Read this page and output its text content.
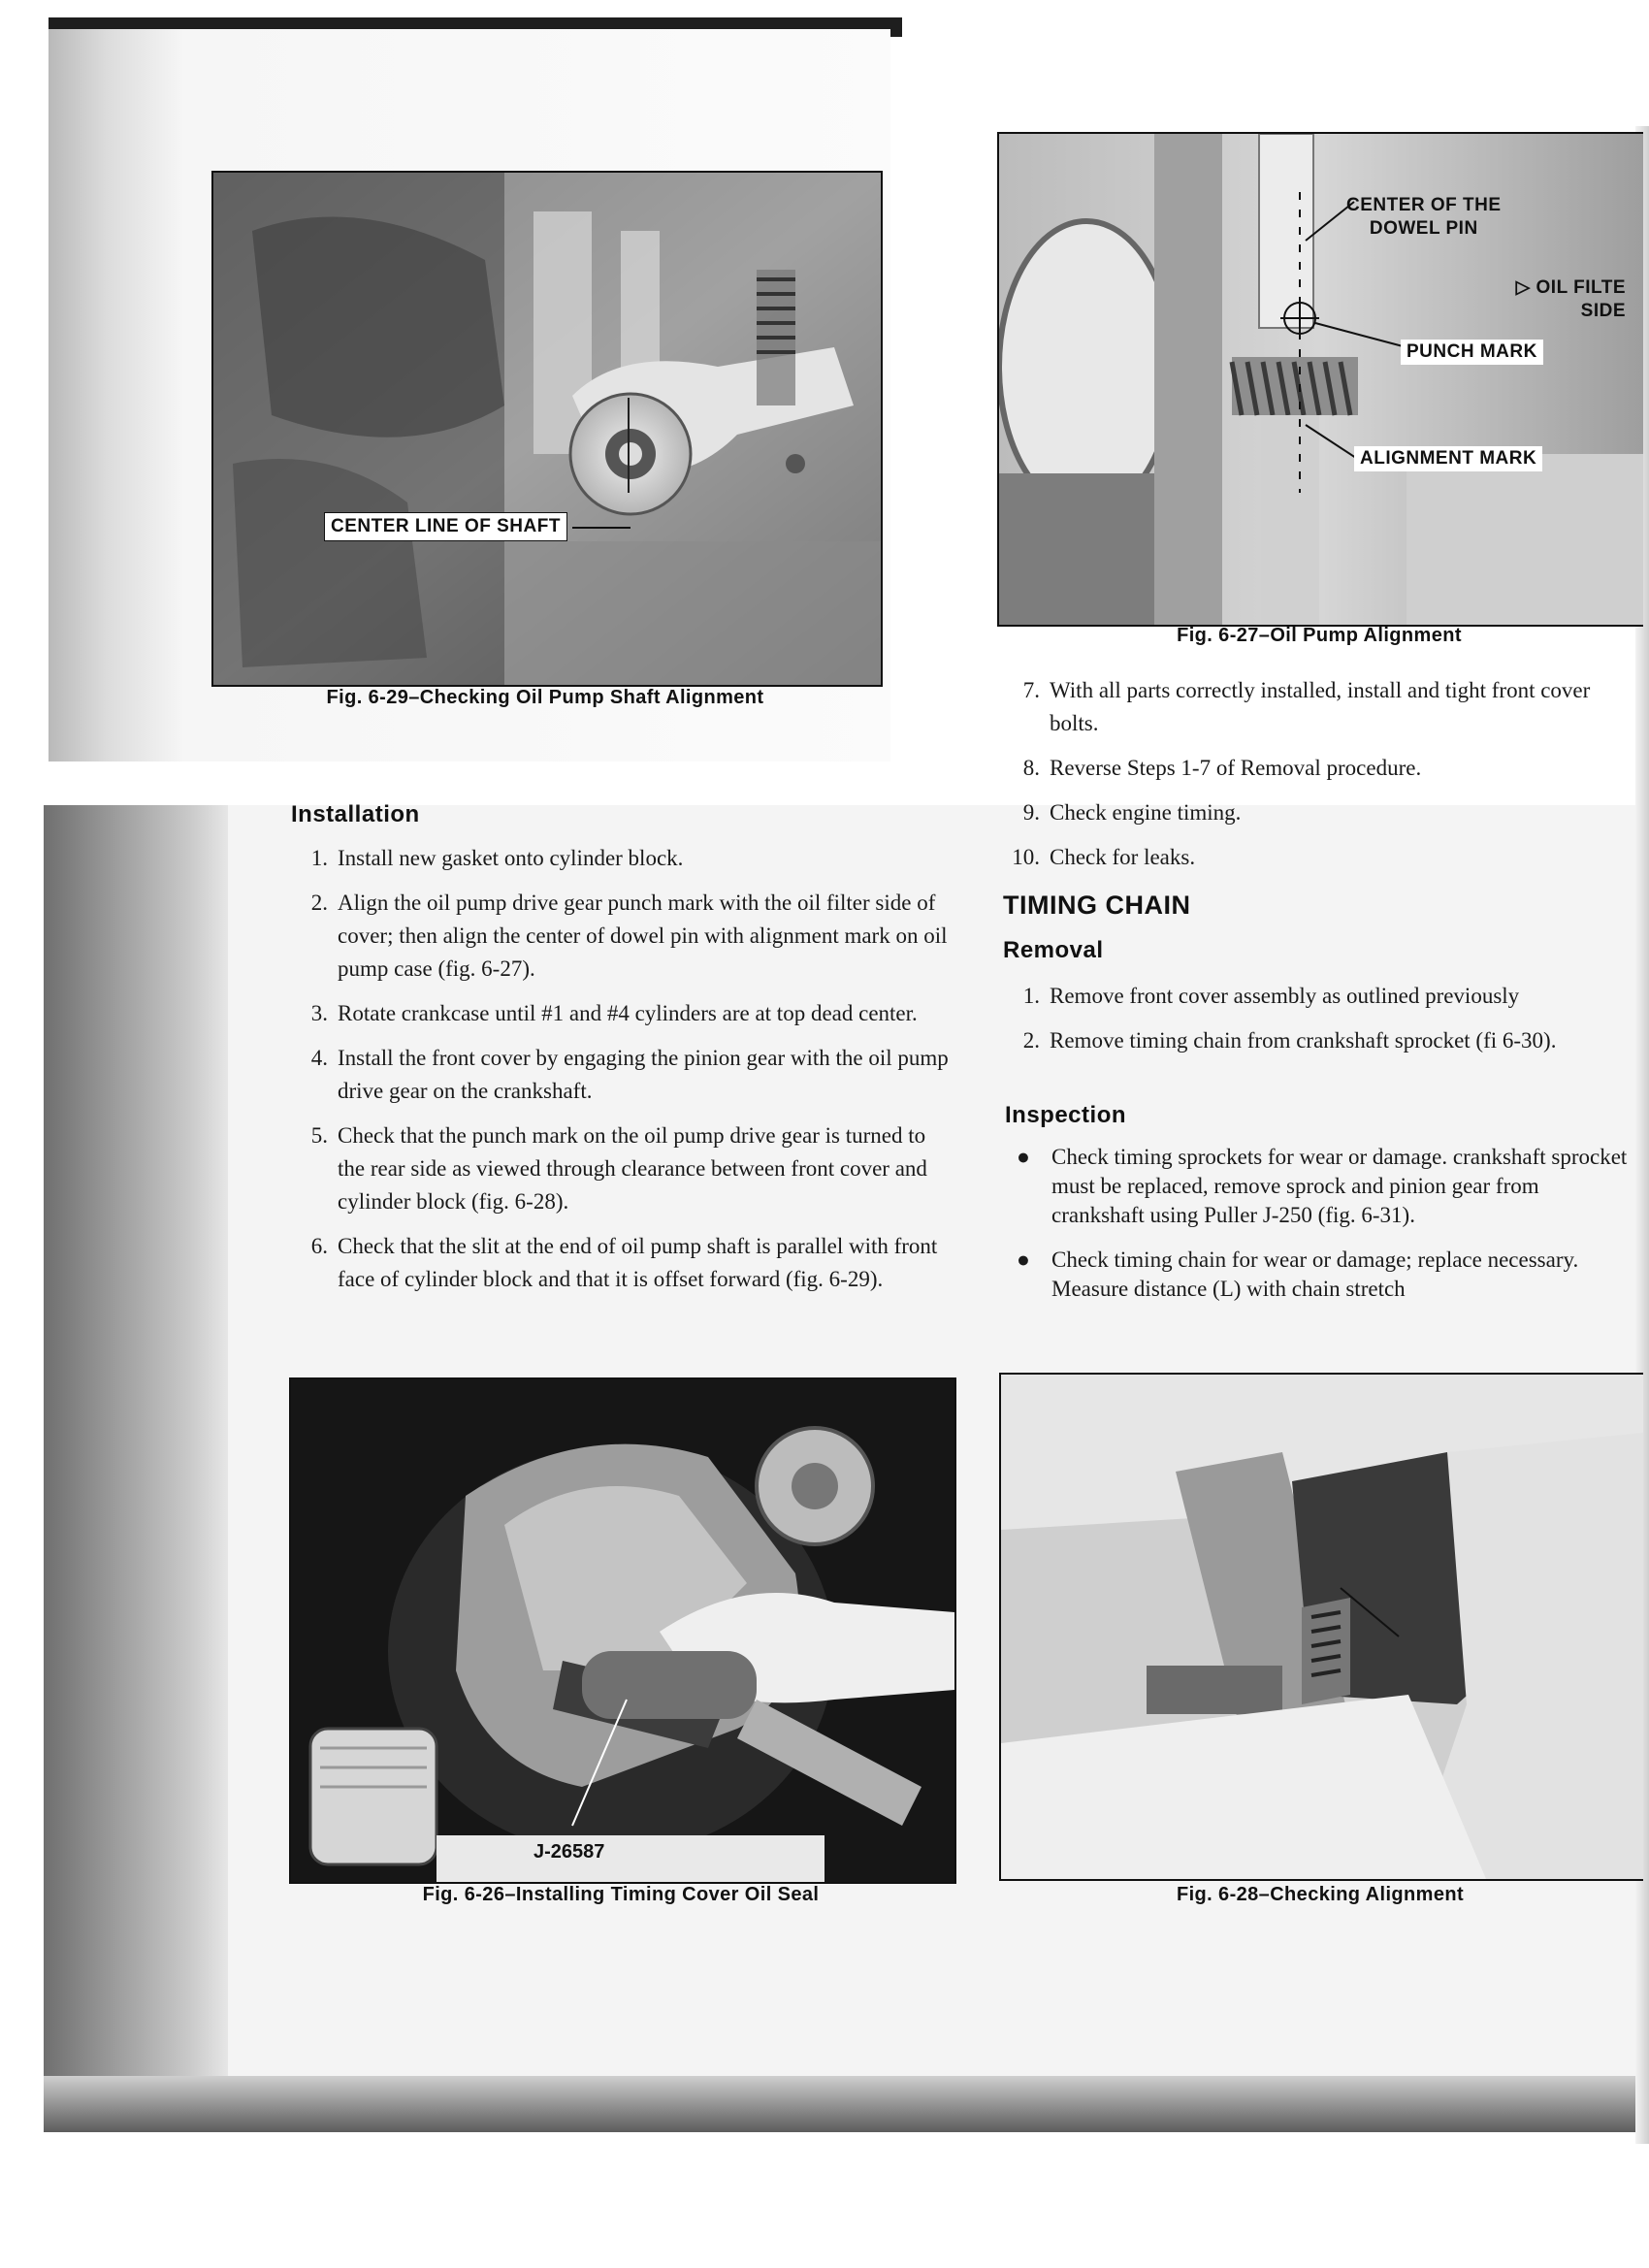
CENTER LINE OF SHAFT
Fig. 6-29–Checking Oil Pump Shaft Alignment
CENTER OF THE
DOWEL PIN
▷ OIL FILTE
SIDE
PUNCH MARK
ALIGNMENT MARK
Fig. 6-27–Oil Pump Alignment
Installation
1. Install new gasket onto cylinder block.
2. Align the oil pump drive gear punch mark with the oil filter side of cover; then align the center of dowel pin with alignment mark on oil pump case (fig. 6-27).
3. Rotate crankcase until #1 and #4 cylinders are at top dead center.
4. Install the front cover by engaging the pinion gear with the oil pump drive gear on the crankshaft.
5. Check that the punch mark on the oil pump drive gear is turned to the rear side as viewed through clearance between front cover and cylinder block (fig. 6-28).
6. Check that the slit at the end of oil pump shaft is parallel with front face of cylinder block and that it is offset forward (fig. 6-29).
7. With all parts correctly installed, install and tight front cover bolts.
8. Reverse Steps 1-7 of Removal procedure.
9. Check engine timing.
10. Check for leaks.
TIMING CHAIN
Removal
1. Remove front cover assembly as outlined previously
2. Remove timing chain from crankshaft sprocket (fi 6-30).
Inspection
● Check timing sprockets for wear or damage. crankshaft sprocket must be replaced, remove sprock and pinion gear from crankshaft using Puller J-250 (fig. 6-31).
● Check timing chain for wear or damage; replace necessary. Measure distance (L) with chain stretch
J-26587
Fig. 6-26–Installing Timing Cover Oil Seal	Fig. 6-28–Checking Alignment
